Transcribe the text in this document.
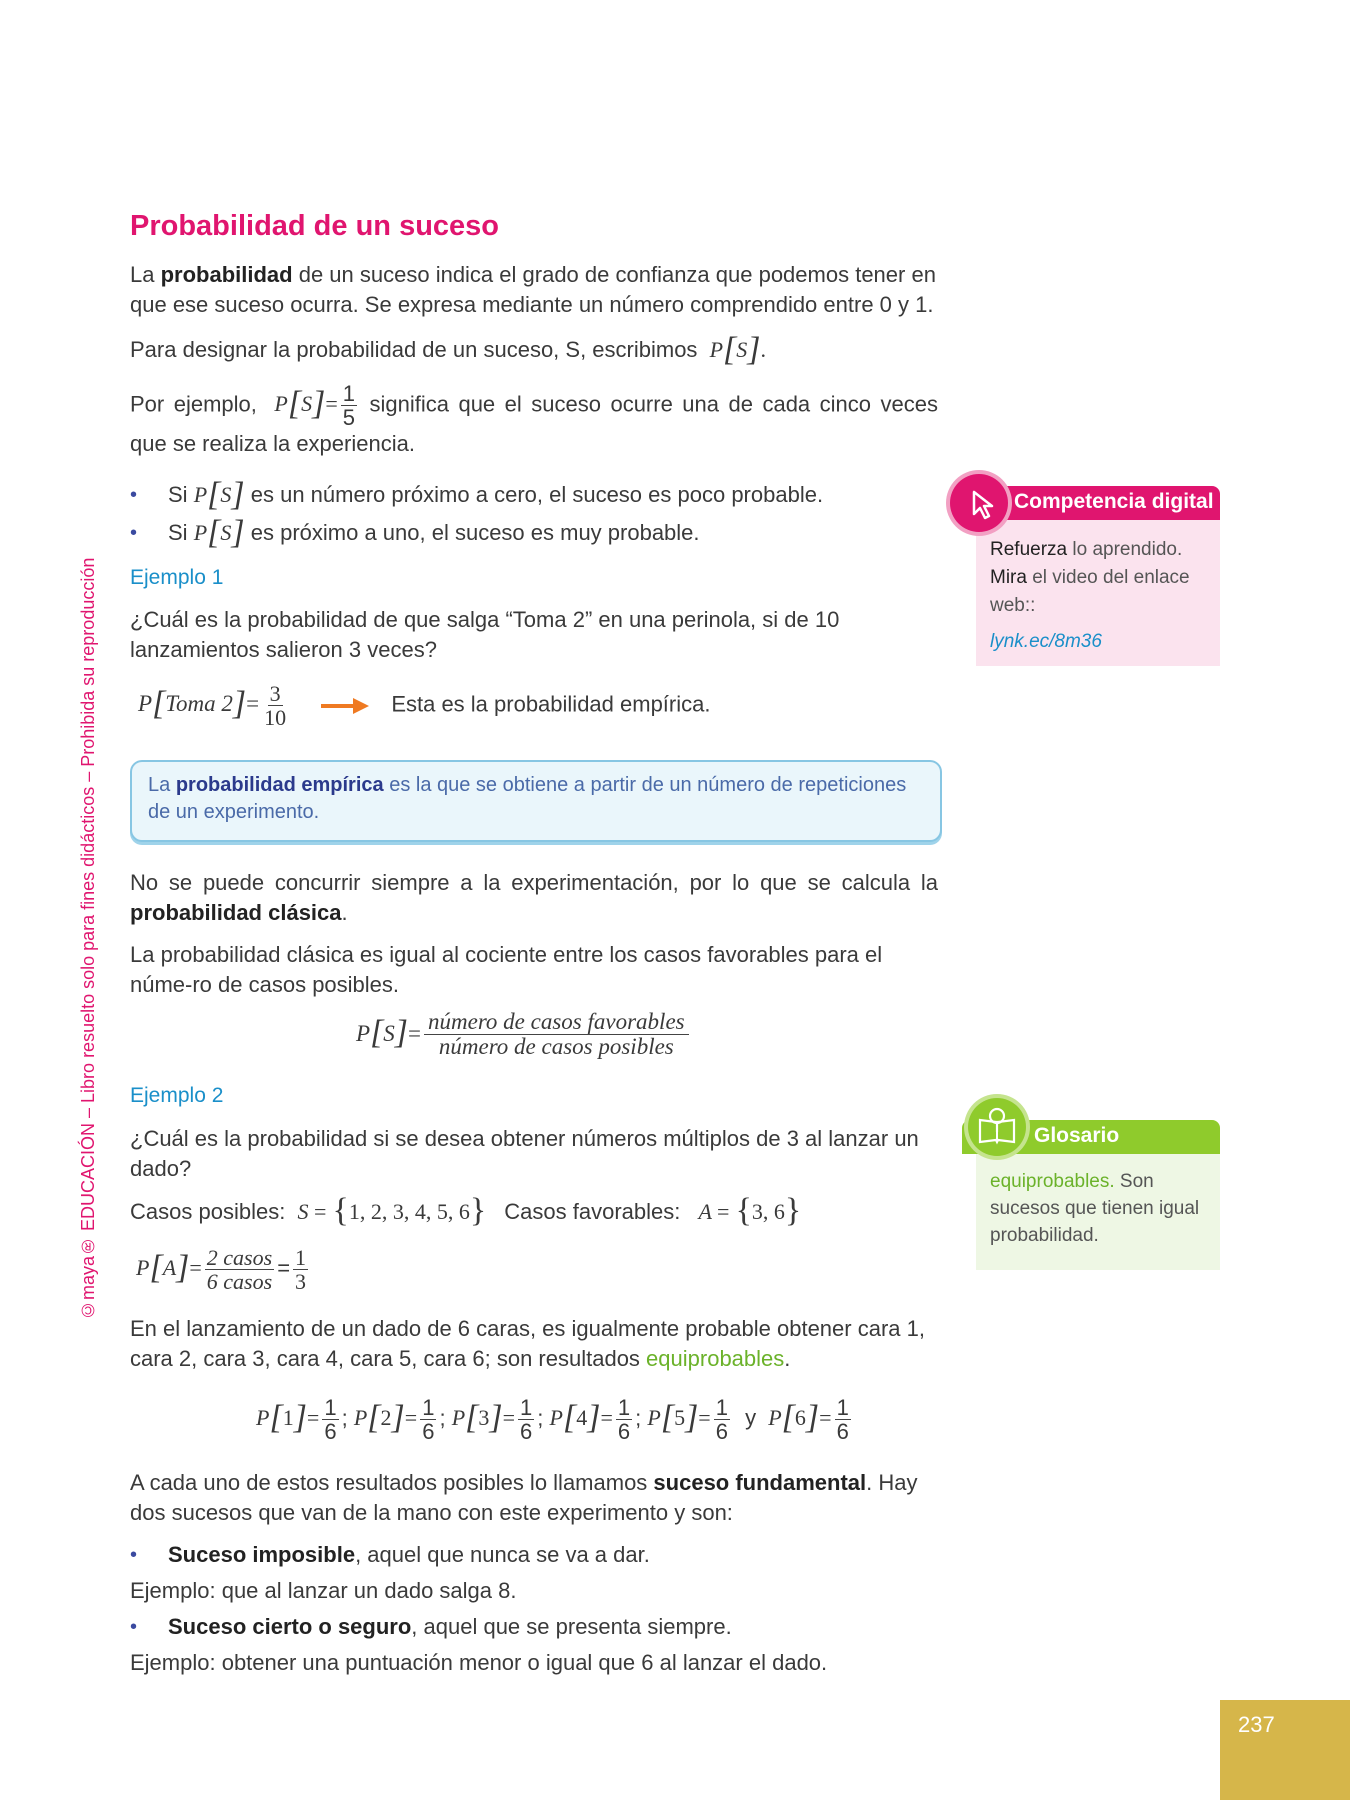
Probabilidad de un suceso
La probabilidad de un suceso indica el grado de confianza que podemos tener en que ese suceso ocurra. Se expresa mediante un número comprendido entre 0 y 1.
Para designar la probabilidad de un suceso, S, escribimos P[S].
Por ejemplo, $P[S]= \frac{1}{5}$ significa que el suceso ocurre una de cada cinco veces que se realiza la experiencia.
• Si P[S] es un número próximo a cero, el suceso es poco probable.
• Si P[S] es próximo a uno, el suceso es muy probable.
Ejemplo 1
¿Cuál es la probabilidad de que salga “Toma 2” en una perinola, si de 10 lanzamientos salieron 3 veces?
P[Toma $2]= \frac{3}{10}$	Esta es la probabilidad empírica.
La probabilidad empírica es la que se obtiene a partir de un número de repeticiones de un experimento.
No se puede concurrir siempre a la experimentación, por lo que se calcula la probabilidad clásica.
La probabilidad clásica es igual al cociente entre los casos favorables para el núme-ro de casos posibles.
$P[S]= \frac{\text{número de casos favorables}}{\text{número de casos posibles}}$
Ejemplo 2
¿Cuál es la probabilidad si se desea obtener números múltiplos de 3 al lanzar un dado?
Casos posibles: S = {1, 2, 3, 4, 5, 6} Casos favorables: A = {3, 6}
$P[A]= \frac{\text{2 casos}}{\text{6 casos}} = \frac{1}{3}$
En el lanzamiento de un dado de 6 caras, es igualmente probable obtener cara 1, cara 2, cara 3, cara 4, cara 5, cara 6; son resultados equiprobables.
$P[1]= \frac{1}{6}$ ; $P[2]= \frac{1}{6}$ ; $P[3]= \frac{1}{6}$ ; $P[4]= \frac{1}{6}$ ; $P[5]= \frac{1}{6}$ y $P[6]= \frac{1}{6}$
A cada uno de estos resultados posibles lo llamamos suceso fundamental. Hay dos sucesos que van de la mano con este experimento y son:
• Suceso imposible, aquel que nunca se va a dar.
Ejemplo: que al lanzar un dado salga 8.
• Suceso cierto o seguro, aquel que se presenta siempre.
Ejemplo: obtener una puntuación menor o igual que 6 al lanzar el dado.
Competencia digital
Refuerza lo aprendido. Mira el video del enlace web::
lynk.ec/8m36
Glosario
equiprobables. Son sucesos que tienen igual probabilidad.
©maya® EDUCACIÓN – Libro resuelto solo para fines didácticos – Prohibida su reproducción
237
